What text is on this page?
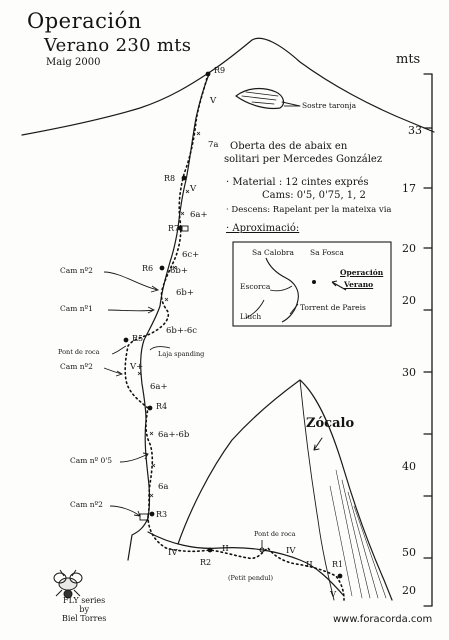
Operación
Verano 230 mts
Maig 2000	mts
33
17
20
20
30
40
50
20
Oberta des de abaix en
solitari per Mercedes González
· Material : 12 cintes exprés
Cams: 0'5, 0'75, 1, 2
· Descens: Rapelant per la mateixa via
· Aproximació:
Sa Calobra Sa Fosca
Escorca
Lluch
Operación
Verano
Torrent de Pareis
Sostre taronja
Zócalo
Laja spanding
Pont de roca
(Petit pendul)
R9
R8
R7
R6
R5
R4
R3
R2	R1
V
7a
V
6a+
6c+
6b+
6b+
6b+-6c
V+
6a+
6a+-6b
6a
IV	II	IV
II
V
Cam nº2
Cam nº1
Pont de roca
Cam nº2
Cam nº 0'5
Cam nº2
FLY series
by
Biel Torres	www.foracorda.com
